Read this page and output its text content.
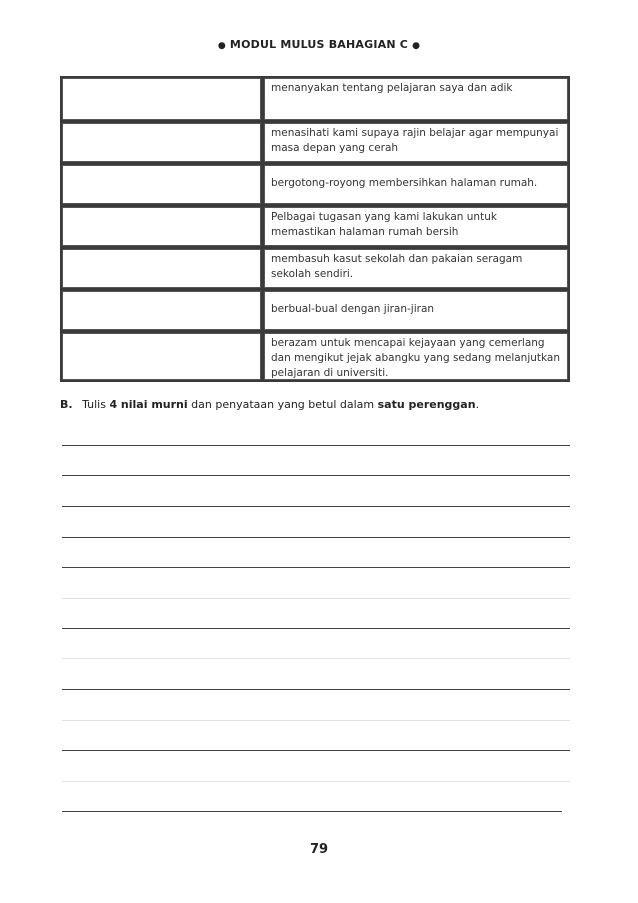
● MODUL MULUS BAHAGIAN C ●
menanyakan tentang pelajaran saya dan adik
menasihati kami supaya rajin belajar agar mempunyai masa depan yang cerah
bergotong-royong membersihkan halaman rumah.
Pelbagai tugasan yang kami lakukan untuk memastikan halaman rumah bersih
membasuh kasut sekolah dan pakaian seragam sekolah sendiri.
berbual-bual dengan jiran-jiran
berazam untuk mencapai kejayaan yang cemerlang dan mengikut jejak abangku yang sedang melanjutkan pelajaran di universiti.
B. Tulis 4 nilai murni dan penyataan yang betul dalam satu perenggan.
79
